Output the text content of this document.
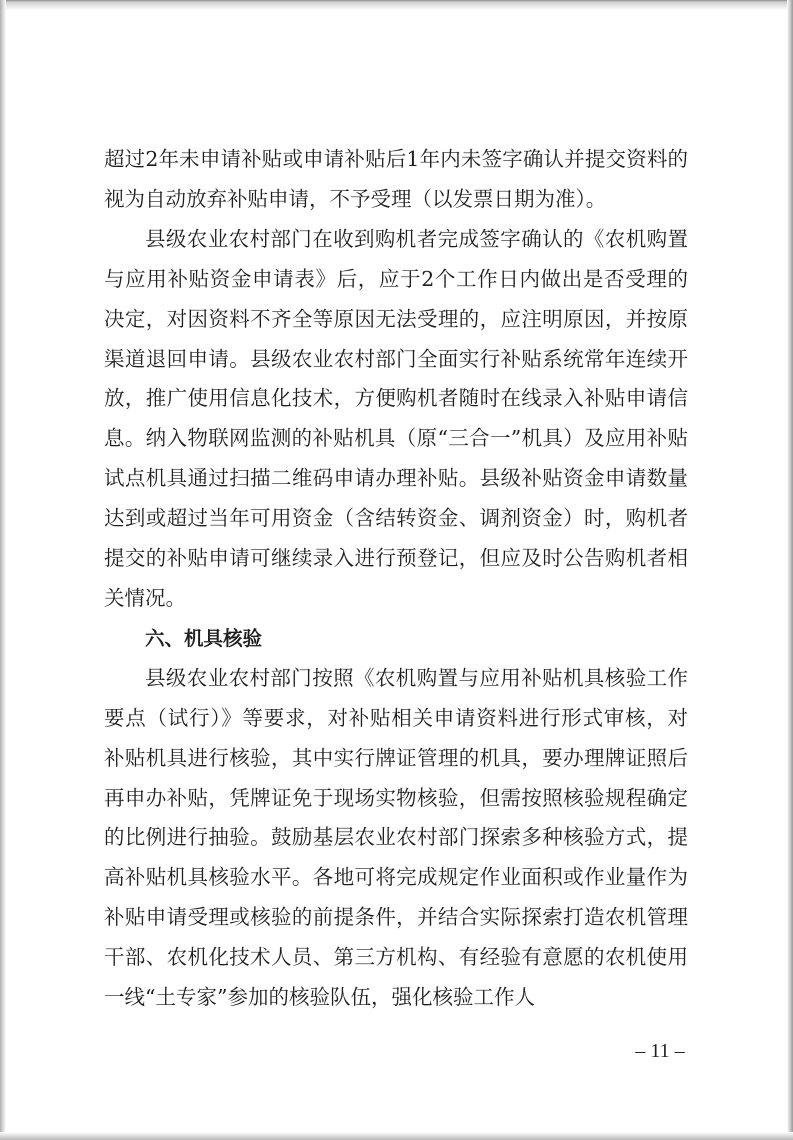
超过2年未申请补贴或申请补贴后1年内未签字确认并提交资料的视为自动放弃补贴申请，不予受理（以发票日期为准）。

县级农业农村部门在收到购机者完成签字确认的《农机购置与应用补贴资金申请表》后，应于2个工作日内做出是否受理的决定，对因资料不齐全等原因无法受理的，应注明原因，并按原渠道退回申请。县级农业农村部门全面实行补贴系统常年连续开放，推广使用信息化技术，方便购机者随时在线录入补贴申请信息。纳入物联网监测的补贴机具（原“三合一”机具）及应用补贴试点机具通过扫描二维码申请办理补贴。县级补贴资金申请数量达到或超过当年可用资金（含结转资金、调剂资金）时，购机者提交的补贴申请可继续录入进行预登记，但应及时公告购机者相关情况。

六、机具核验

县级农业农村部门按照《农机购置与应用补贴机具核验工作要点（试行）》等要求，对补贴相关申请资料进行形式审核，对补贴机具进行核验，其中实行牌证管理的机具，要办理牌证照后再申办补贴，凭牌证免于现场实物核验，但需按照核验规程确定的比例进行抽验。鼓励基层农业农村部门探索多种核验方式，提高补贴机具核验水平。各地可将完成规定作业面积或作业量作为补贴申请受理或核验的前提条件，并结合实际探索打造农机管理干部、农机化技术人员、第三方机构、有经验有意愿的农机使用一线“土专家”参加的核验队伍，强化核验工作人

– 11 –
